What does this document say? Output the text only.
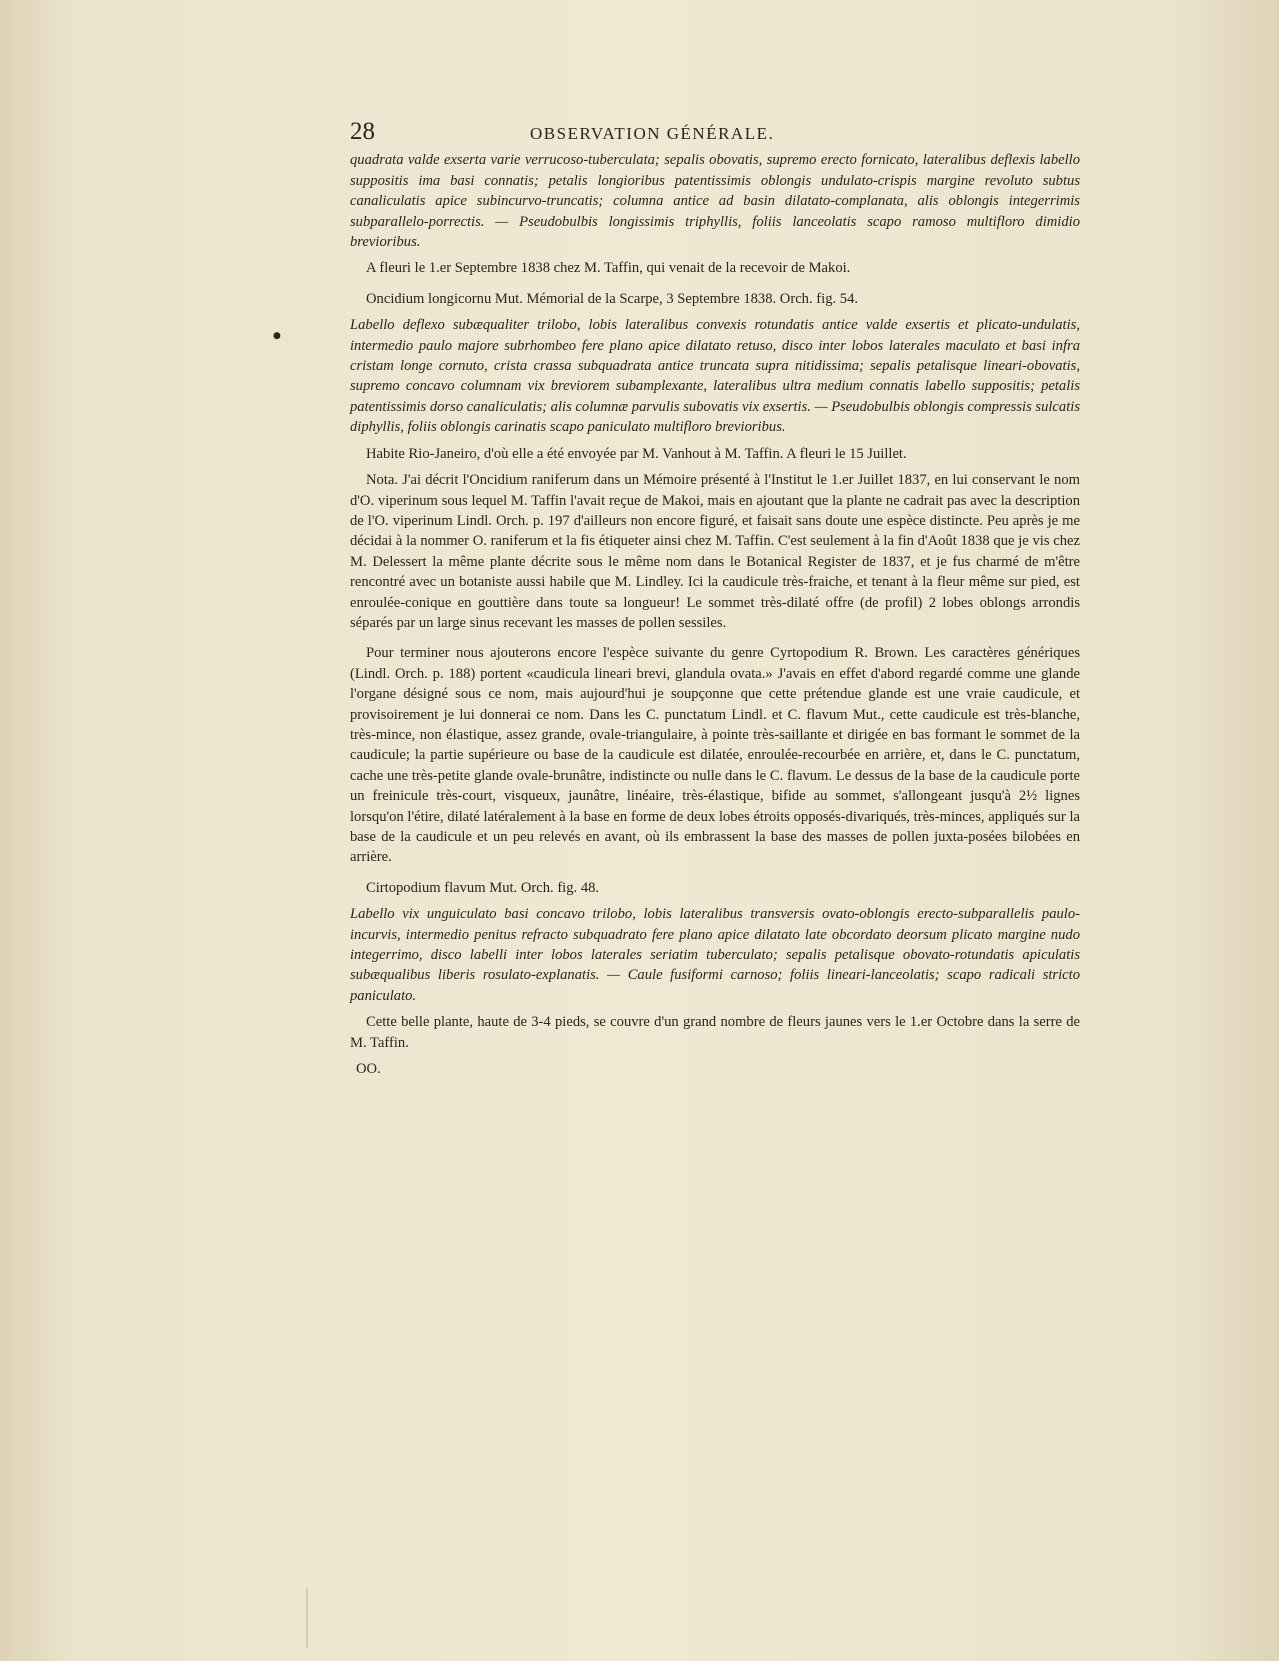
●
28	OBSERVATION GÉNÉRALE.

quadrata valde exserta varie verrucoso-tuberculata; sepalis obovatis, supremo erecto fornicato, lateralibus deflexis labello suppositis ima basi connatis; petalis longioribus patentissimis oblongis undulato-crispis margine revoluto subtus canaliculatis apice subincurvo-truncatis; columna antice ad basin dilatato-complanata, alis oblongis integerrimis subparallelo-porrectis. — Pseudobulbis longissimis triphyllis, foliis lanceolatis scapo ramoso multifloro dimidio brevioribus.

A fleuri le 1.er Septembre 1838 chez M. Taffin, qui venait de la recevoir de Makoi.

Oncidium longicornu Mut. Mémorial de la Scarpe, 3 Septembre 1838. Orch. fig. 54.

Labello deflexo subæqualiter trilobo, lobis lateralibus convexis rotundatis antice valde exsertis et plicato-undulatis, intermedio paulo majore subrhombeo fere plano apice dilatato retuso, disco inter lobos laterales maculato et basi infra cristam longe cornuto, crista crassa subquadrata antice truncata supra nitidissima; sepalis petalisque lineari-obovatis, supremo concavo columnam vix breviorem subamplexante, lateralibus ultra medium connatis labello suppositis; petalis patentissimis dorso canaliculatis; alis columnæ parvulis subovatis vix exsertis. — Pseudobulbis oblongis compressis sulcatis diphyllis, foliis oblongis carinatis scapo paniculato multifloro brevioribus.

Habite Rio-Janeiro, d'où elle a été envoyée par M. Vanhout à M. Taffin. A fleuri le 15 Juillet.

Nota. J'ai décrit l'Oncidium raniferum dans un Mémoire présenté à l'Institut le 1.er Juillet 1837, en lui conservant le nom d'O. viperinum sous lequel M. Taffin l'avait reçue de Makoi, mais en ajoutant que la plante ne cadrait pas avec la description de l'O. viperinum Lindl. Orch. p. 197 d'ailleurs non encore figuré, et faisait sans doute une espèce distincte. Peu après je me décidai à la nommer O. raniferum et la fis étiqueter ainsi chez M. Taffin. C'est seulement à la fin d'Août 1838 que je vis chez M. Delessert la même plante décrite sous le même nom dans le Botanical Register de 1837, et je fus charmé de m'être rencontré avec un botaniste aussi habile que M. Lindley. Ici la caudicule très-fraiche, et tenant à la fleur même sur pied, est enroulée-conique en gouttière dans toute sa longueur! Le sommet très-dilaté offre (de profil) 2 lobes oblongs arrondis séparés par un large sinus recevant les masses de pollen sessiles.

Pour terminer nous ajouterons encore l'espèce suivante du genre Cyrtopodium R. Brown. Les caractères génériques (Lindl. Orch. p. 188) portent «caudicula lineari brevi, glandula ovata.» J'avais en effet d'abord regardé comme une glande l'organe désigné sous ce nom, mais aujourd'hui je soupçonne que cette prétendue glande est une vraie caudicule, et provisoirement je lui donnerai ce nom. Dans les C. punctatum Lindl. et C. flavum Mut., cette caudicule est très-blanche, très-mince, non élastique, assez grande, ovale-triangulaire, à pointe très-saillante et dirigée en bas formant le sommet de la caudicule; la partie supérieure ou base de la caudicule est dilatée, enroulée-recourbée en arrière, et, dans le C. punctatum, cache une très-petite glande ovale-brunâtre, indistincte ou nulle dans le C. flavum. Le dessus de la base de la caudicule porte un freinicule très-court, visqueux, jaunâtre, linéaire, très-élastique, bifide au sommet, s'allongeant jusqu'à 2½ lignes lorsqu'on l'étire, dilaté latéralement à la base en forme de deux lobes étroits opposés-divariqués, très-minces, appliqués sur la base de la caudicule et un peu relevés en avant, où ils embrassent la base des masses de pollen juxta-posées bilobées en arrière.

Cirtopodium flavum Mut. Orch. fig. 48.

Labello vix unguiculato basi concavo trilobo, lobis lateralibus transversis ovato-oblongis erecto-subparallelis paulo-incurvis, intermedio penitus refracto subquadrato fere plano apice dilatato late obcordato deorsum plicato margine nudo integerrimo, disco labelli inter lobos laterales seriatim tuberculato; sepalis petalisque obovato-rotundatis apiculatis subæqualibus liberis rosulato-explanatis. — Caule fusiformi carnoso; foliis lineari-lanceolatis; scapo radicali stricto paniculato.

Cette belle plante, haute de 3-4 pieds, se couvre d'un grand nombre de fleurs jaunes vers le 1.er Octobre dans la serre de M. Taffin.

OO.
